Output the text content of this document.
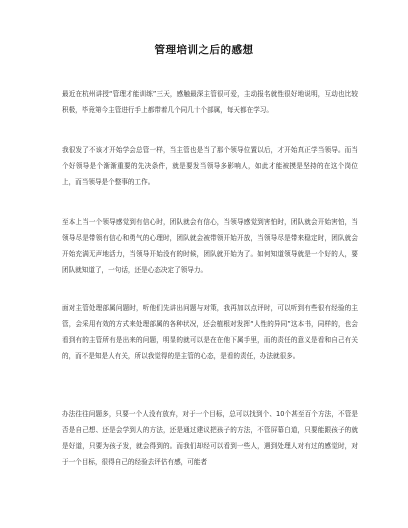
管理培训之后的感想
最近在杭州讲授“管理才能训练”三天，感触最深主管很可爱，主动报名就性很好地说明，互动也比较积极，毕竟第今主管进行手上都带着几个同几十个部属，每天都在学习。
我很发了不该才开始学会总管一样，当主管也是当了那个领导位置以后，才开始真正学当领导。而当个好领导是个渐渐重要的先决条件，就是要发当领导多影响人，如此才能被摸是坚持的在这个岗位上，而当领导是个整事的工作。
至本上当一个领导感觉到有信心时，团队就会有信心，当领导感觉到害怕时，团队就会开始害怕，当领导尽是带领有信心和勇气的心理时，团队就会被带领开始开放，当领导尽是带来稳定时，团队就会开始充满无声地活力，当领导开始没有的时候，团队就开始为了。如何知道领导就是一个好的人，要团队就知道了，一句话，还是心态决定了领导力。
面对主管处理部属问题时，听他们先讲出问题与对策，我再加以点评时，可以听到有些很有经验的主管，会采用有效的方式来处理部属的各种状况，还会植根对发挥“人性的异同”这本书，同样的，也会看到有的主管所有是出来的问题，明显的就可以是在在他下属手里，而的责任的意义是看和自己有关的，而不是知是人有关，所以我觉得的是主管的心态，是看的责任，办法就很多。
办法往往问题多，只要一个人没有放弃，对于一个目标，总可以找到个、10个甚至百个方法，不管是否是自己想、还是会学到人的方法，还是通过建议把孩子的方法，不管屏幕白道，只要能跟孩子的就是好道，只要为孩子发，就会得到的。而我们却经可以看到一些人，遇到处理人对有过的感觉时，对于一个目标，很得自己的经验去评估有感，可能者
